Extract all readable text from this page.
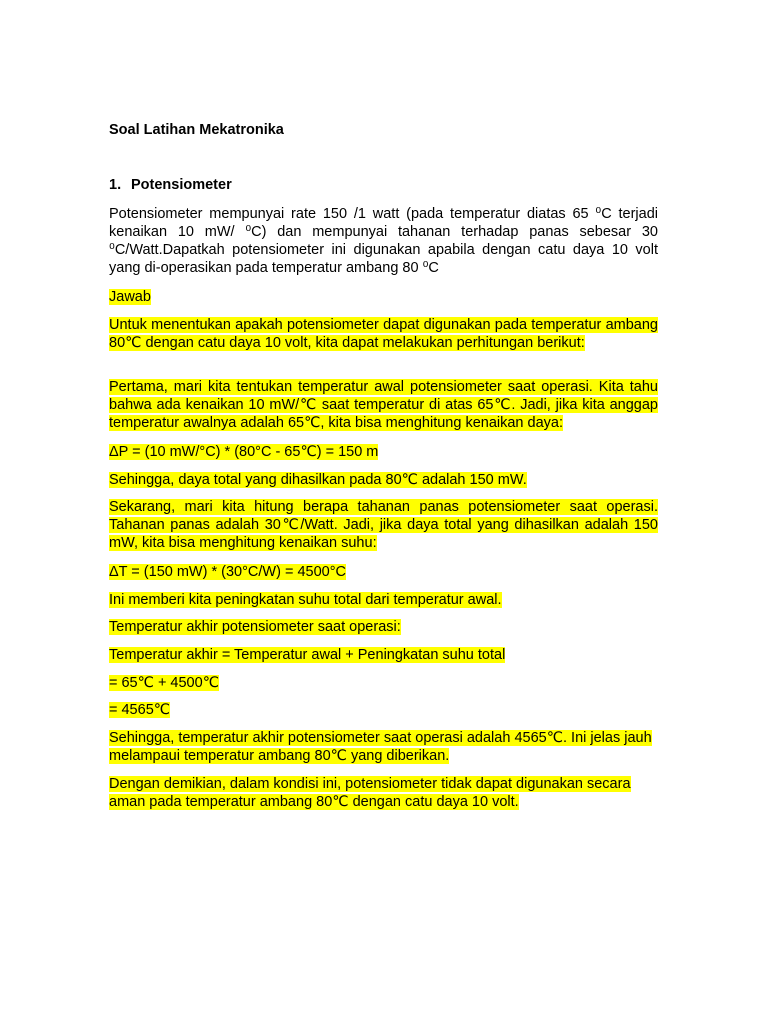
Soal Latihan Mekatronika
1. Potensiometer

Potensiometer mempunyai rate 150 /1 watt (pada temperatur diatas 65 ⁰C terjadi kenaikan 10 mW/ ⁰C) dan mempunyai tahanan terhadap panas sebesar 30 ⁰C/Watt.Dapatkah potensiometer ini digunakan apabila dengan catu daya 10 volt yang di-operasikan pada temperatur ambang 80 ⁰C

Jawab

Untuk menentukan apakah potensiometer dapat digunakan pada temperatur ambang 80℃ dengan catu daya 10 volt, kita dapat melakukan perhitungan berikut:

Pertama, mari kita tentukan temperatur awal potensiometer saat operasi. Kita tahu bahwa ada kenaikan 10 mW/℃ saat temperatur di atas 65℃. Jadi, jika kita anggap temperatur awalnya adalah 65℃, kita bisa menghitung kenaikan daya:

ΔP = (10 mW/°C) * (80°C - 65℃) = 150 m

Sehingga, daya total yang dihasilkan pada 80℃ adalah 150 mW.

Sekarang, mari kita hitung berapa tahanan panas potensiometer saat operasi. Tahanan panas adalah 30℃/Watt. Jadi, jika daya total yang dihasilkan adalah 150 mW, kita bisa menghitung kenaikan suhu:

ΔT = (150 mW) * (30°C/W) = 4500°C

Ini memberi kita peningkatan suhu total dari temperatur awal.

Temperatur akhir potensiometer saat operasi:

Temperatur akhir = Temperatur awal + Peningkatan suhu total

= 65℃ + 4500℃

= 4565℃

Sehingga, temperatur akhir potensiometer saat operasi adalah 4565℃. Ini jelas jauh melampaui temperatur ambang 80℃ yang diberikan.

Dengan demikian, dalam kondisi ini, potensiometer tidak dapat digunakan secara aman pada temperatur ambang 80℃ dengan catu daya 10 volt.
